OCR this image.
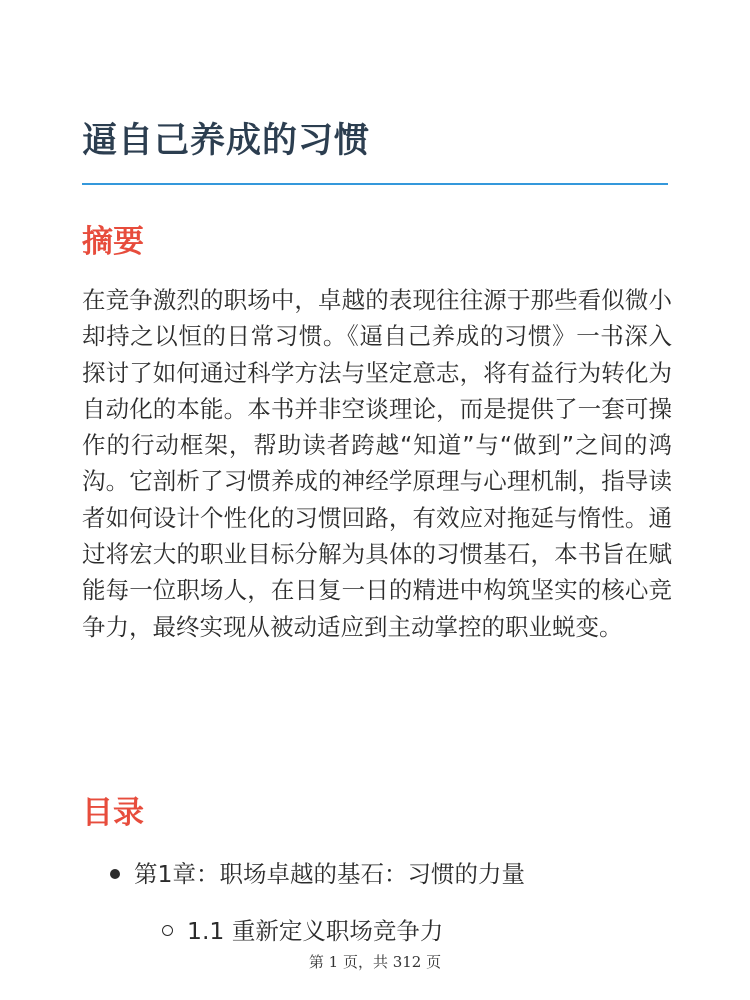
逼自己养成的习惯
摘要

在竞争激烈的职场中，卓越的表现往往源于那些看似微小却持之以恒的日常习惯。《逼自己养成的习惯》一书深入探讨了如何通过科学方法与坚定意志，将有益行为转化为自动化的本能。本书并非空谈理论，而是提供了一套可操作的行动框架，帮助读者跨越“知道”与“做到”之间的鸿沟。它剖析了习惯养成的神经学原理与心理机制，指导读者如何设计个性化的习惯回路，有效应对拖延与惰性。通过将宏大的职业目标分解为具体的习惯基石，本书旨在赋能每一位职场人，在日复一日的精进中构筑坚实的核心竞争力，最终实现从被动适应到主动掌控的职业蜕变。

目录
第1章：职场卓越的基石：习惯的力量
1.1 重新定义职场竞争力
第 1 页，共 312 页
